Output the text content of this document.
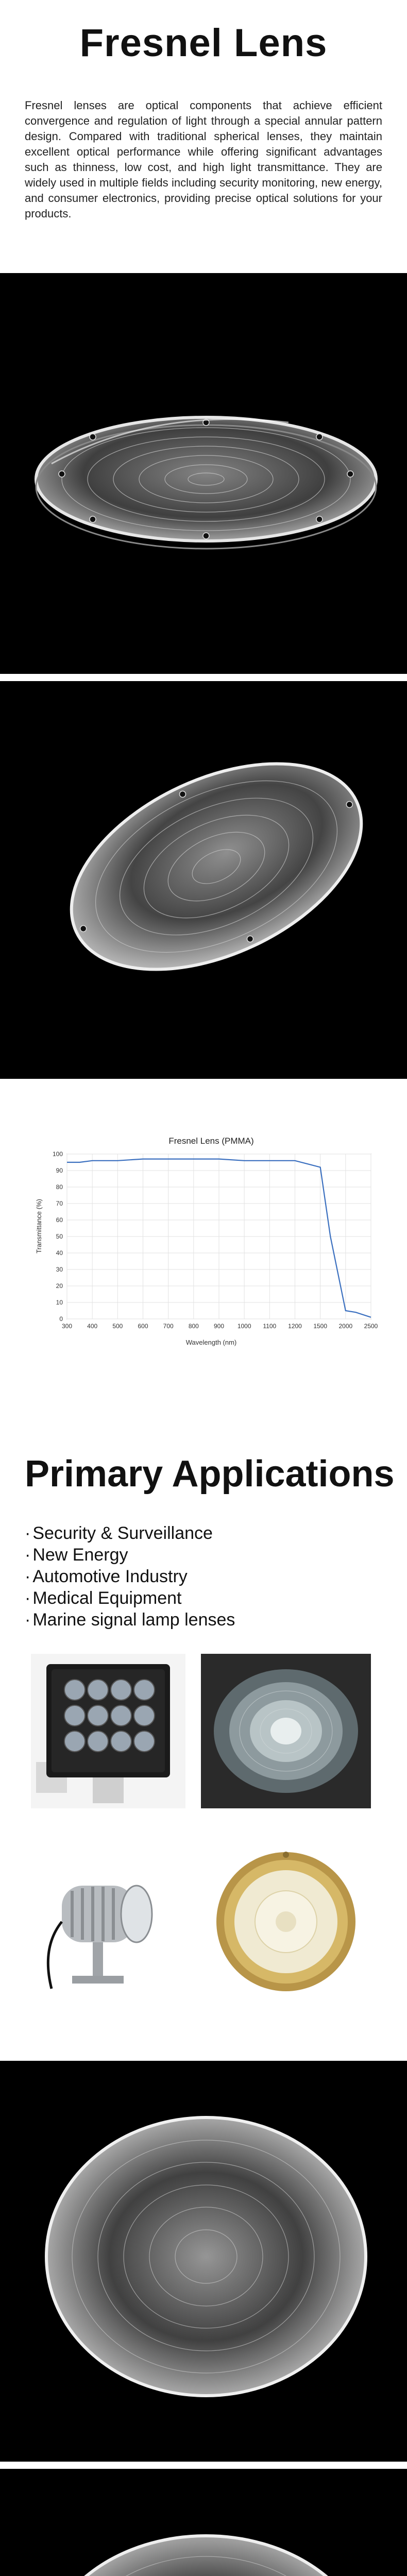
Fresnel Lens
Fresnel lenses are optical components that achieve efficient convergence and regulation of light through a special annular pattern design. Compared with traditional spherical lenses, they maintain excellent optical performance while offering significant advantages such as thinness, low cost, and high light transmittance. They are widely used in multiple fields including security monitoring, new energy, and consumer electronics, providing precise optical solutions for your products.
Fresnel Lens (PMMA)
Transmittance (%)
Wavelength (nm)
0
10
20
30
40
50
60
70
80
90
100
300 400 500 600 700 800 900 1000 1100 1200 1500 2000 2500
Primary Applications
· Security & Surveillance
· New Energy
· Automotive Industry
· Medical Equipment
· Marine signal lamp lenses
